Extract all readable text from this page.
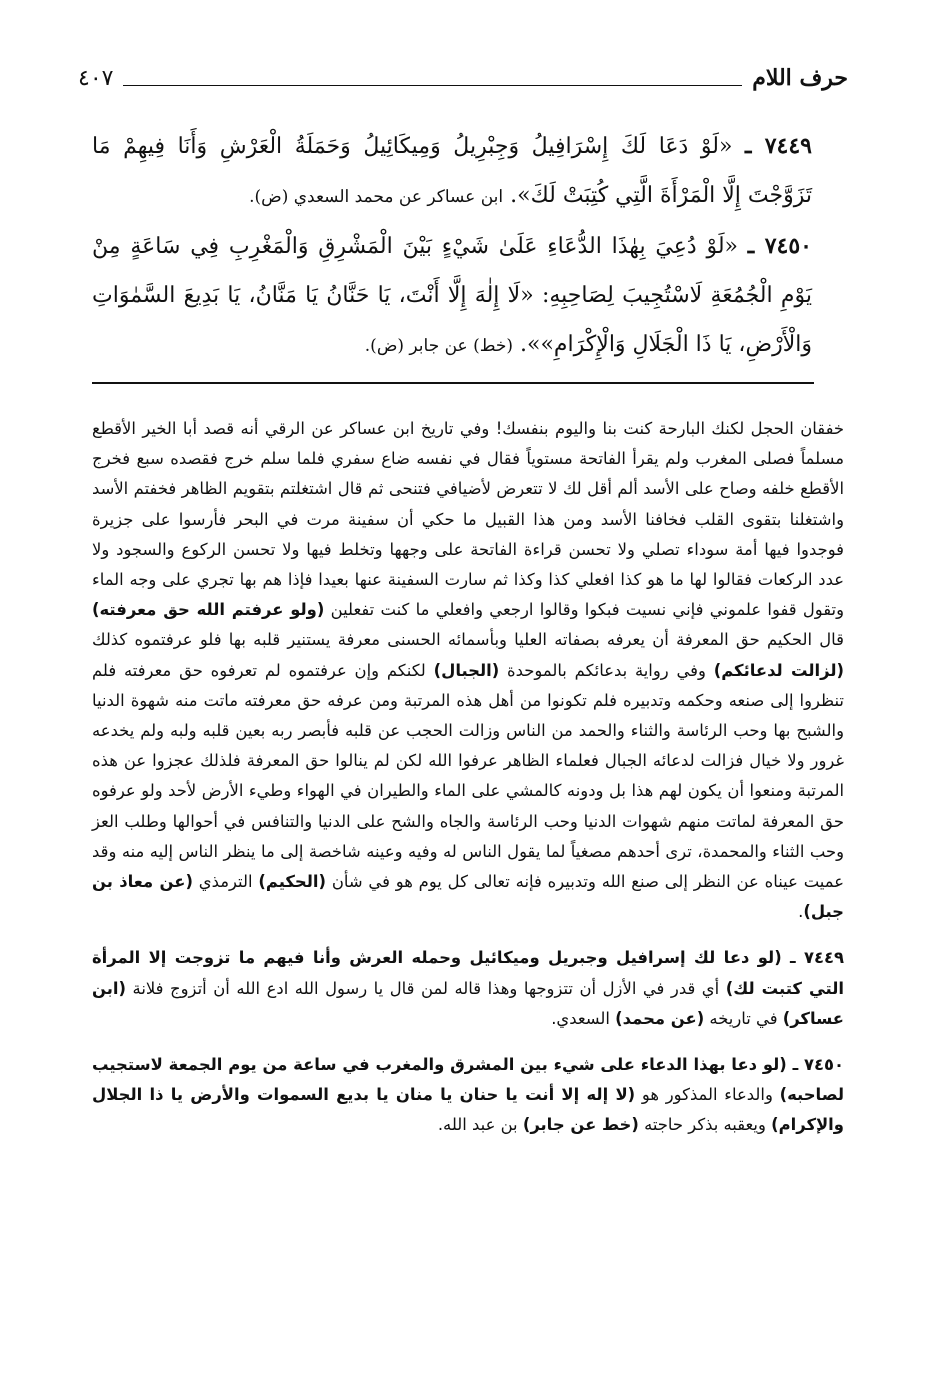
حرف اللام
٤٠٧
٧٤٤٩ ـ «لَوْ دَعَا لَكَ إِسْرَافِيلُ وَجِبْرِيلُ وَمِيكَائِيلُ وَحَمَلَةُ الْعَرْشِ وَأَنَا فِيهِمْ مَا تَزَوَّجْتَ إِلَّا الْمَرْأَةَ الَّتِي كُتِبَتْ لَكَ». ابن عساكر عن محمد السعدي (ض).
٧٤٥٠ ـ «لَوْ دُعِيَ بِهٰذَا الدُّعَاءِ عَلَىٰ شَيْءٍ بَيْنَ الْمَشْرِقِ وَالْمَغْرِبِ فِي سَاعَةٍ مِنْ يَوْمِ الْجُمُعَةِ لَاسْتُجِيبَ لِصَاحِبِهِ: «لَا إِلٰهَ إِلَّا أَنْتَ، يَا حَنَّانُ يَا مَنَّانُ، يَا بَدِيعَ السَّمٰوَاتِ وَالْأَرْضِ، يَا ذَا الْجَلَالِ وَالْإِكْرَامِ»». (خط) عن جابر (ض).

خفقان الحجل لكنك البارحة كنت بنا واليوم بنفسك! وفي تاريخ ابن عساكر عن الرقي أنه قصد أبا الخير الأقطع مسلماً فصلى المغرب ولم يقرأ الفاتحة مستوياً فقال في نفسه ضاع سفري فلما سلم خرج فقصده سبع فخرج الأقطع خلفه وصاح على الأسد ألم أقل لك لا تتعرض لأضيافي فتنحى ثم قال اشتغلتم بتقويم الظاهر فخفتم الأسد واشتغلنا بتقوى القلب فخافنا الأسد ومن هذا القبيل ما حكي أن سفينة مرت في البحر فأرسوا على جزيرة فوجدوا فيها أمة سوداء تصلي ولا تحسن قراءة الفاتحة على وجهها وتخلط فيها ولا تحسن الركوع والسجود ولا عدد الركعات فقالوا لها ما هو كذا افعلي كذا وكذا ثم سارت السفينة عنها بعيدا فإذا هم بها تجري على وجه الماء وتقول قفوا علموني فإني نسيت فبكوا وقالوا ارجعي وافعلي ما كنت تفعلين (ولو عرفتم الله حق معرفته) قال الحكيم حق المعرفة أن يعرفه بصفاته العليا وبأسمائه الحسنى معرفة يستنير قلبه بها فلو عرفتموه كذلك (لزالت لدعائكم) وفي رواية بدعائكم بالموحدة (الجبال) لكنكم وإن عرفتموه لم تعرفوه حق معرفته فلم تنظروا إلى صنعه وحكمه وتدبيره فلم تكونوا من أهل هذه المرتبة ومن عرفه حق معرفته ماتت منه شهوة الدنيا والشبح بها وحب الرئاسة والثناء والحمد من الناس وزالت الحجب عن قلبه فأبصر ربه بعين قلبه ولبه ولم يخدعه غرور ولا خيال فزالت لدعائه الجبال فعلماء الظاهر عرفوا الله لكن لم ينالوا حق المعرفة فلذلك عجزوا عن هذه المرتبة ومنعوا أن يكون لهم هذا بل ودونه كالمشي على الماء والطيران في الهواء وطيء الأرض لأحد ولو عرفوه حق المعرفة لماتت منهم شهوات الدنيا وحب الرئاسة والجاه والشح على الدنيا والتنافس في أحوالها وطلب العز وحب الثناء والمحمدة، ترى أحدهم مصغياً لما يقول الناس له وفيه وعينه شاخصة إلى ما ينظر الناس إليه منه وقد عميت عيناه عن النظر إلى صنع الله وتدبيره فإنه تعالى كل يوم هو في شأن (الحكيم) الترمذي (عن معاذ بن جبل).

٧٤٤٩ ـ (لو دعا لك إسرافيل وجبريل وميكائيل وحمله العرش وأنا فيهم ما تزوجت إلا المرأة التي كتبت لك) أي قدر في الأزل أن تتزوجها وهذا قاله لمن قال يا رسول الله ادع الله أن أتزوج فلانة (ابن عساكر) في تاريخه (عن محمد) السعدي.

٧٤٥٠ ـ (لو دعا بهذا الدعاء على شيء بين المشرق والمغرب في ساعة من يوم الجمعة لاستجيب لصاحبه) والدعاء المذكور هو (لا إله إلا أنت يا حنان يا منان يا بديع السموات والأرض يا ذا الجلال والإكرام) ويعقبه بذكر حاجته (خط عن جابر) بن عبد الله.
